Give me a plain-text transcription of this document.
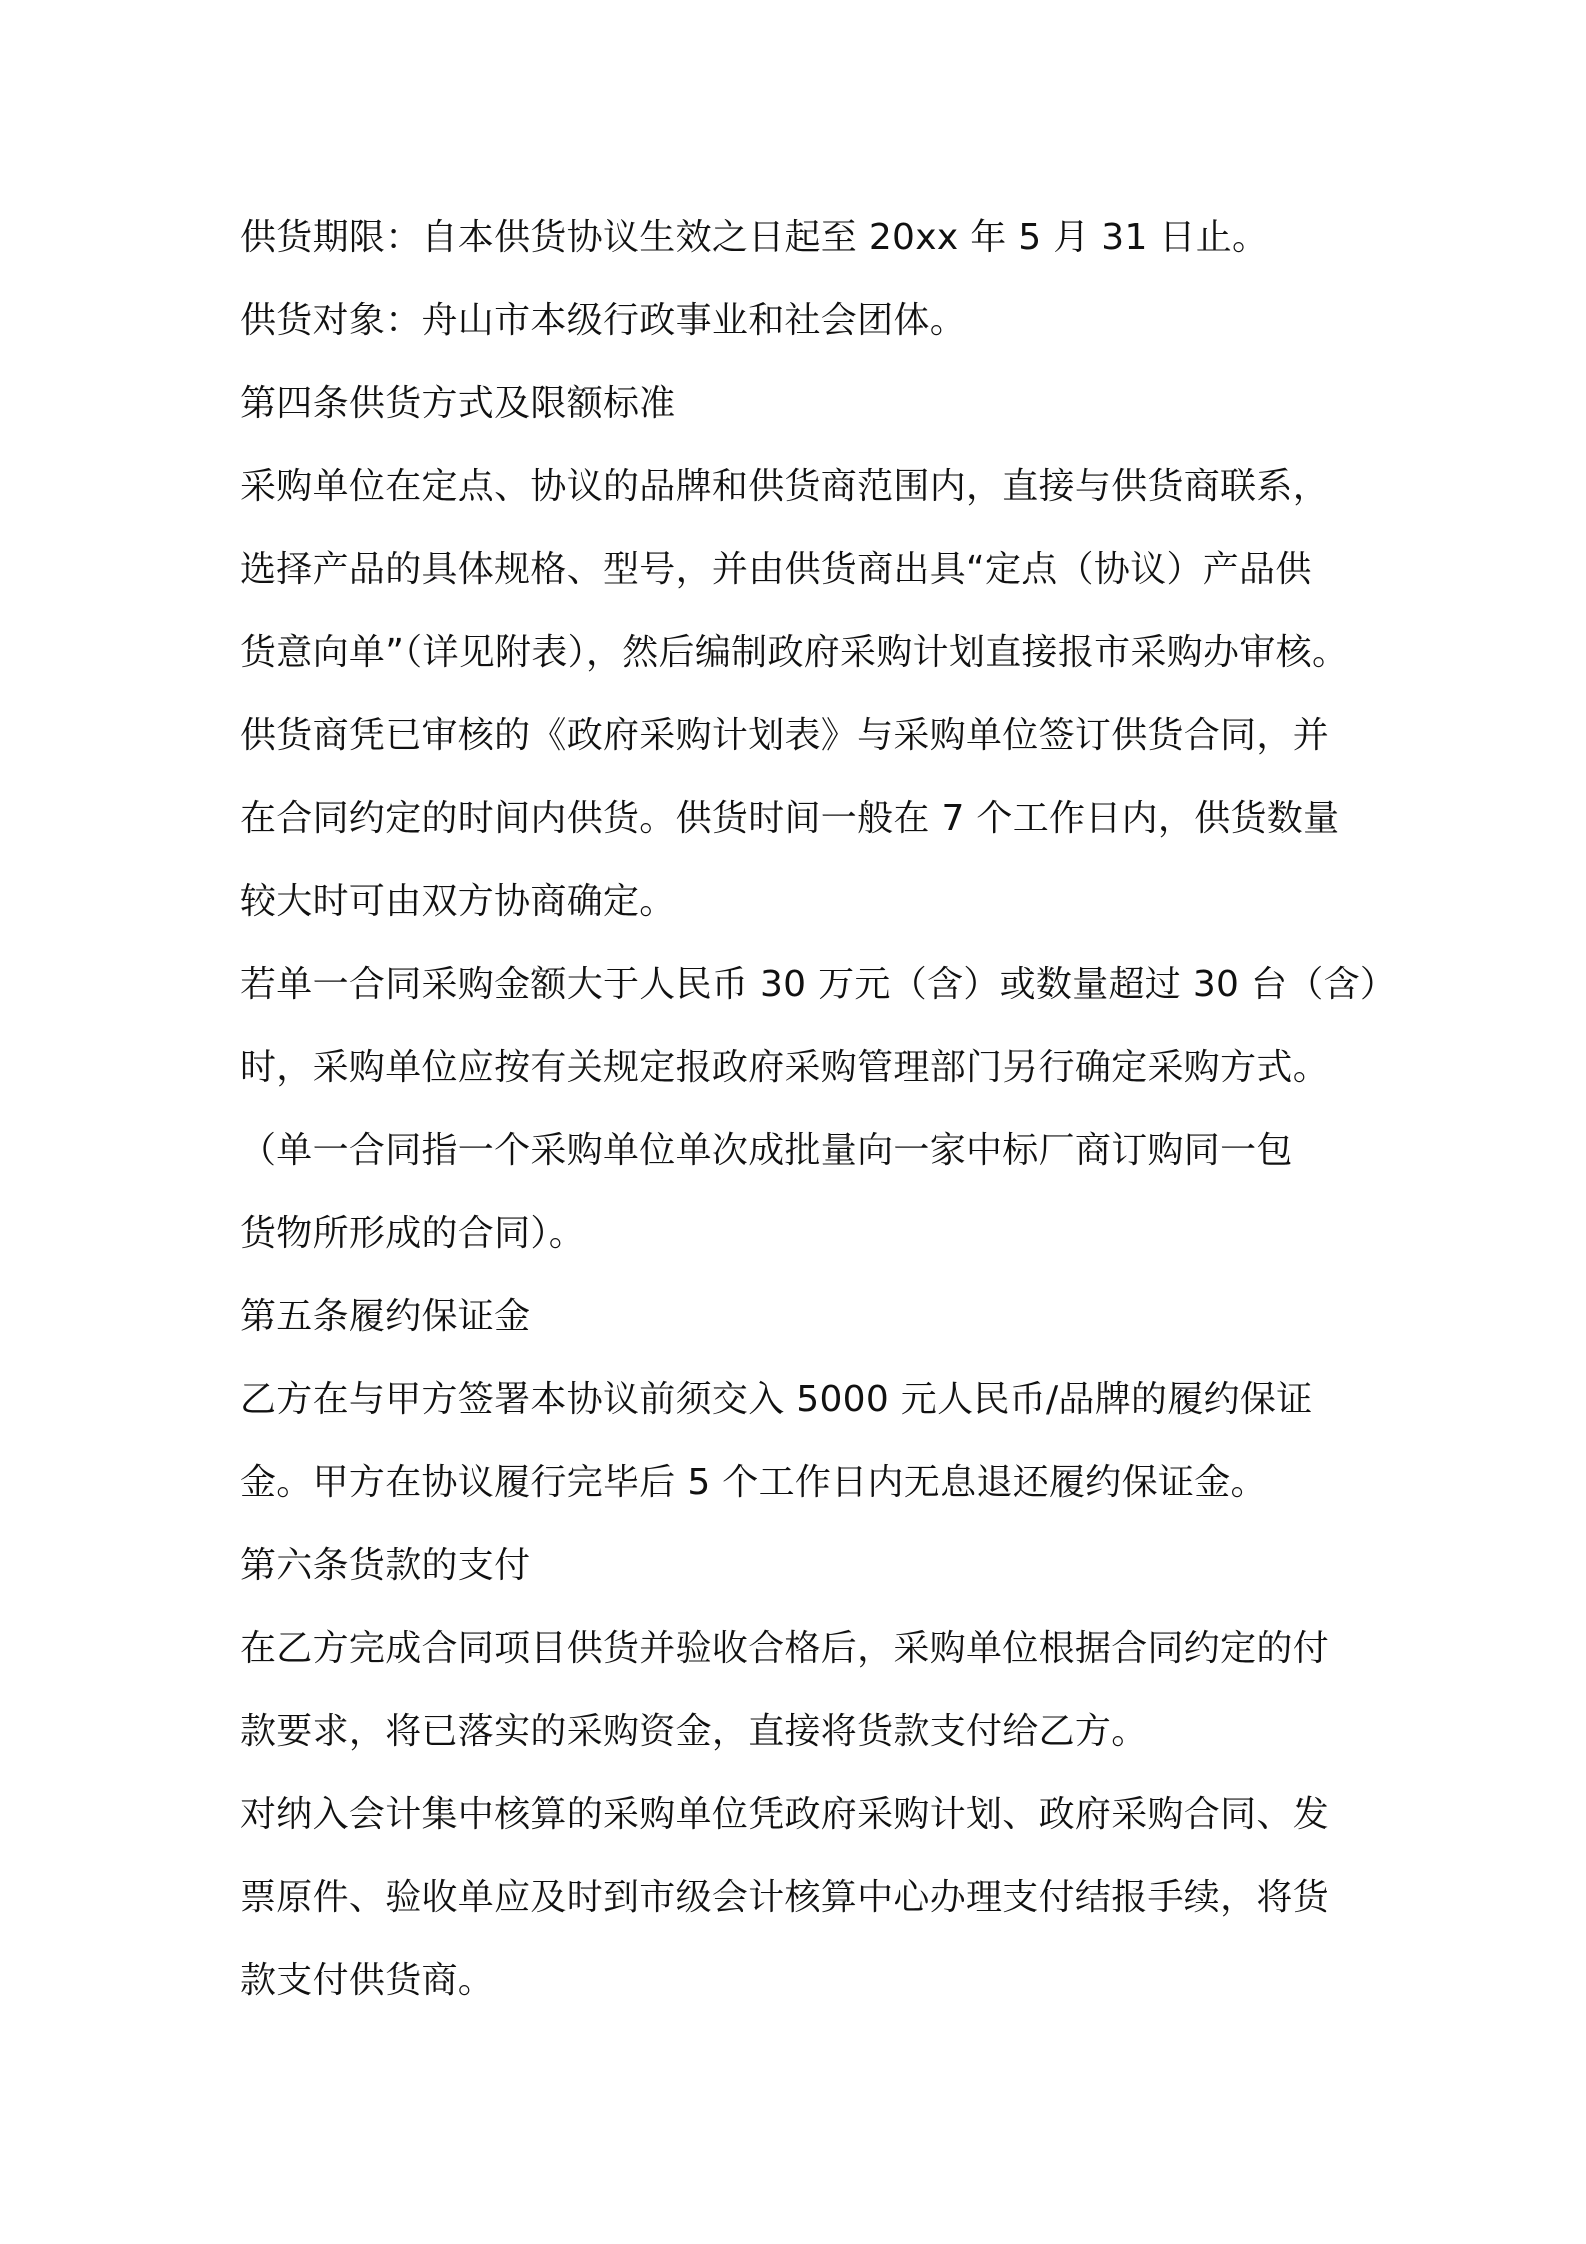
供货期限：自本供货协议生效之日起至 20xx 年 5 月 31 日止。
供货对象：舟山市本级行政事业和社会团体。
第四条供货方式及限额标准
采购单位在定点、协议的品牌和供货商范围内，直接与供货商联系，
选择产品的具体规格、型号，并由供货商出具“定点（协议）产品供
货意向单”（详见附表），然后编制政府采购计划直接报市采购办审核。
供货商凭已审核的《政府采购计划表》与采购单位签订供货合同，并
在合同约定的时间内供货。供货时间一般在 7 个工作日内，供货数量
较大时可由双方协商确定。
若单一合同采购金额大于人民币 30 万元（含）或数量超过 30 台（含）
时，采购单位应按有关规定报政府采购管理部门另行确定采购方式。
（单一合同指一个采购单位单次成批量向一家中标厂商订购同一包
货物所形成的合同）。
第五条履约保证金
乙方在与甲方签署本协议前须交入 5000 元人民币/品牌的履约保证
金。甲方在协议履行完毕后 5 个工作日内无息退还履约保证金。
第六条货款的支付
在乙方完成合同项目供货并验收合格后，采购单位根据合同约定的付
款要求，将已落实的采购资金，直接将货款支付给乙方。
对纳入会计集中核算的采购单位凭政府采购计划、政府采购合同、发
票原件、验收单应及时到市级会计核算中心办理支付结报手续，将货
款支付供货商。
